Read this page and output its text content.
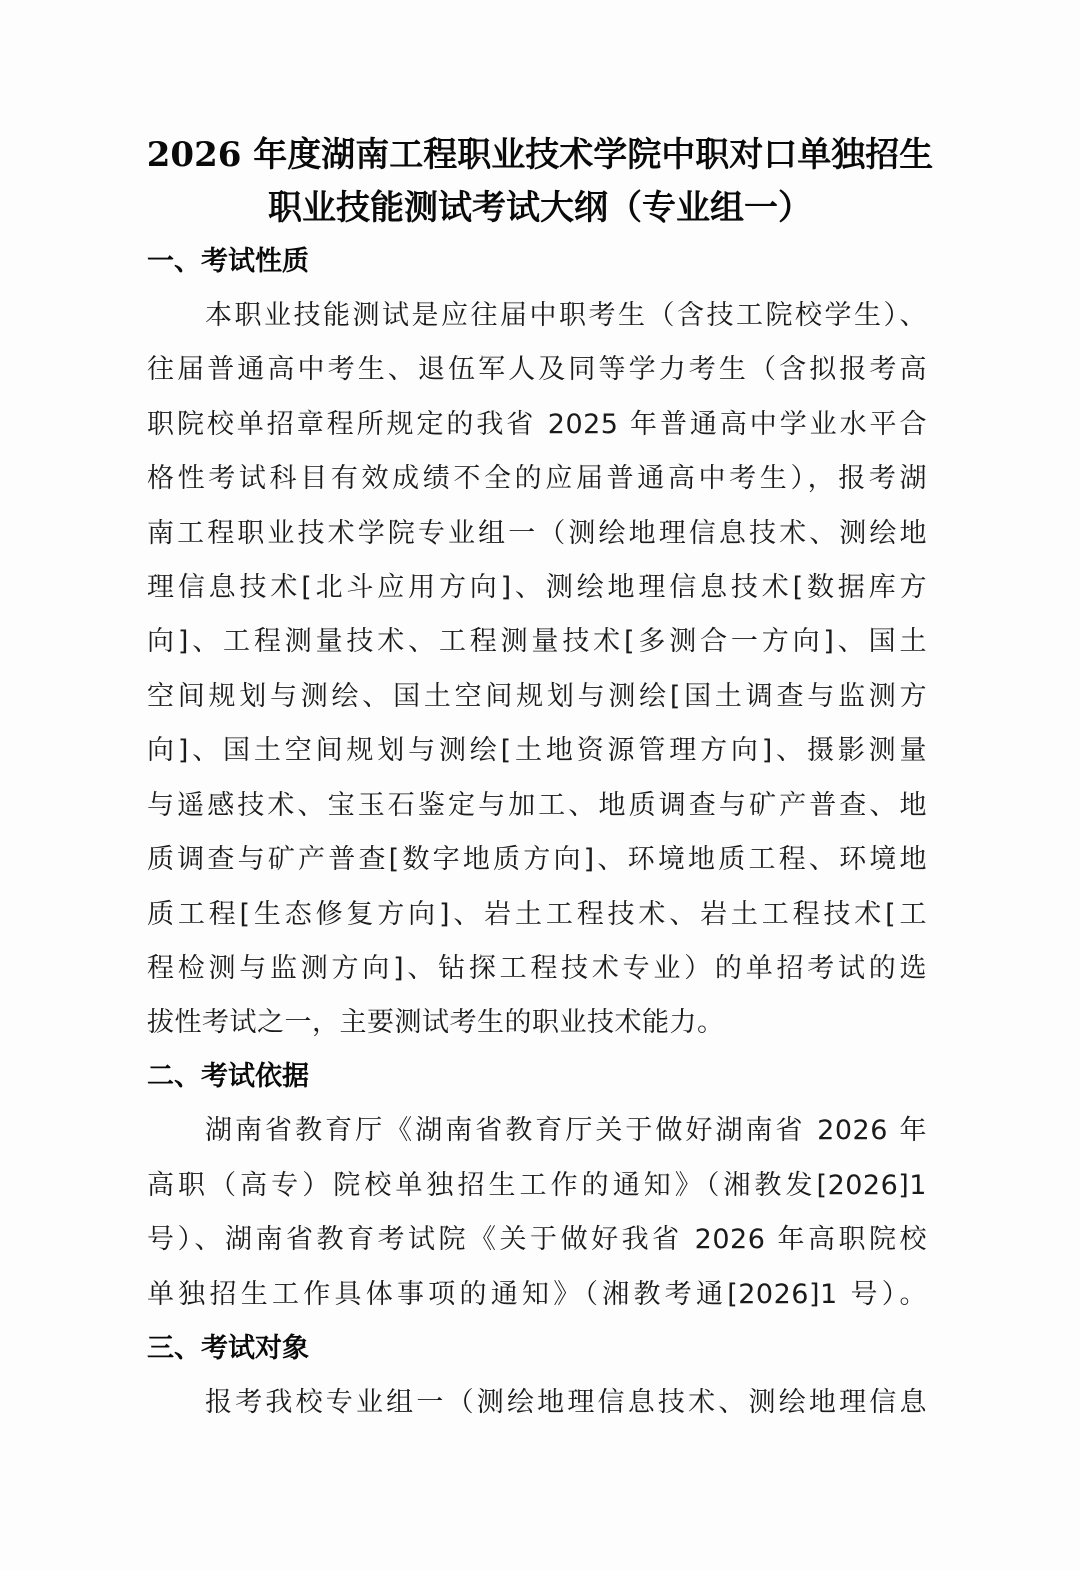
2026 年度湖南工程职业技术学院中职对口单独招生
职业技能测试考试大纲（专业组一）
一、考试性质
本职业技能测试是应往届中职考生（含技工院校学生）、
往届普通高中考生、退伍军人及同等学力考生（含拟报考高
职院校单招章程所规定的我省 2025 年普通高中学业水平合
格性考试科目有效成绩不全的应届普通高中考生），报考湖
南工程职业技术学院专业组一（测绘地理信息技术、测绘地
理信息技术[北斗应用方向]、测绘地理信息技术[数据库方
向]、工程测量技术、工程测量技术[多测合一方向]、国土
空间规划与测绘、国土空间规划与测绘[国土调查与监测方
向]、国土空间规划与测绘[土地资源管理方向]、摄影测量
与遥感技术、宝玉石鉴定与加工、地质调查与矿产普查、地
质调查与矿产普查[数字地质方向]、环境地质工程、环境地
质工程[生态修复方向]、岩土工程技术、岩土工程技术[工
程检测与监测方向]、钻探工程技术专业）的单招考试的选
拔性考试之一，主要测试考生的职业技术能力。
二、考试依据
湖南省教育厅《湖南省教育厅关于做好湖南省 2026 年
高职（高专）院校单独招生工作的通知》（湘教发[2026]1
号）、湖南省教育考试院《关于做好我省 2026 年高职院校
单独招生工作具体事项的通知》（湘教考通[2026]1 号）。
三、考试对象
报考我校专业组一（测绘地理信息技术、测绘地理信息
